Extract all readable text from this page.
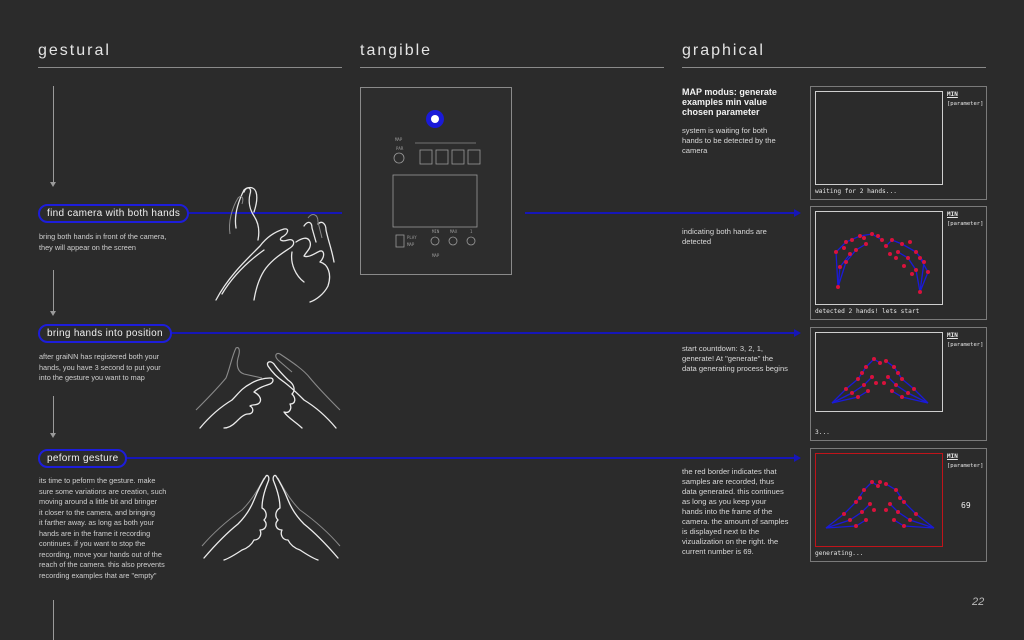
gestural	tangible	graphical
find camera with both hands
bring hands into position
peform gesture
bring both hands in front of the camera,
they will appear on the screen
after graiNN has registered both your
hands, you have 3 second to put your
into the gesture you want to map
its time to peform the gesture. make
sure some variations are creation, such
moving around a little bit and bringer
it closer to the camera, and bringing
it farther away. as long as both your
hands are in the frame it recording
continues. if you want to stop the
recording, move your hands out of the
reach of the camera. this also prevents
recording examples that are "empty"
MAP
PAR
MIN	MAX	1
PLAY
MAP
MAP
MAP modus: generate
examples min value
chosen parameter
system is waiting for both
hands to be detected by the
camera
indicating both hands are
detected
start countdown: 3, 2, 1,
generate! At "generate" the
data generating process begins
the red border indicates that
samples are recorded, thus
data generated. this continues
as long as you keep your
hands into the frame of the
camera. the amount of samples
is displayed next to the
vizualization on the right. the
current number is 69.
MIN
[parameter]
waiting for 2 hands...
MIN
[parameter]
detected 2 hands! lets start
MIN
[parameter]
3...
MIN
[parameter]
69
generating...
22
